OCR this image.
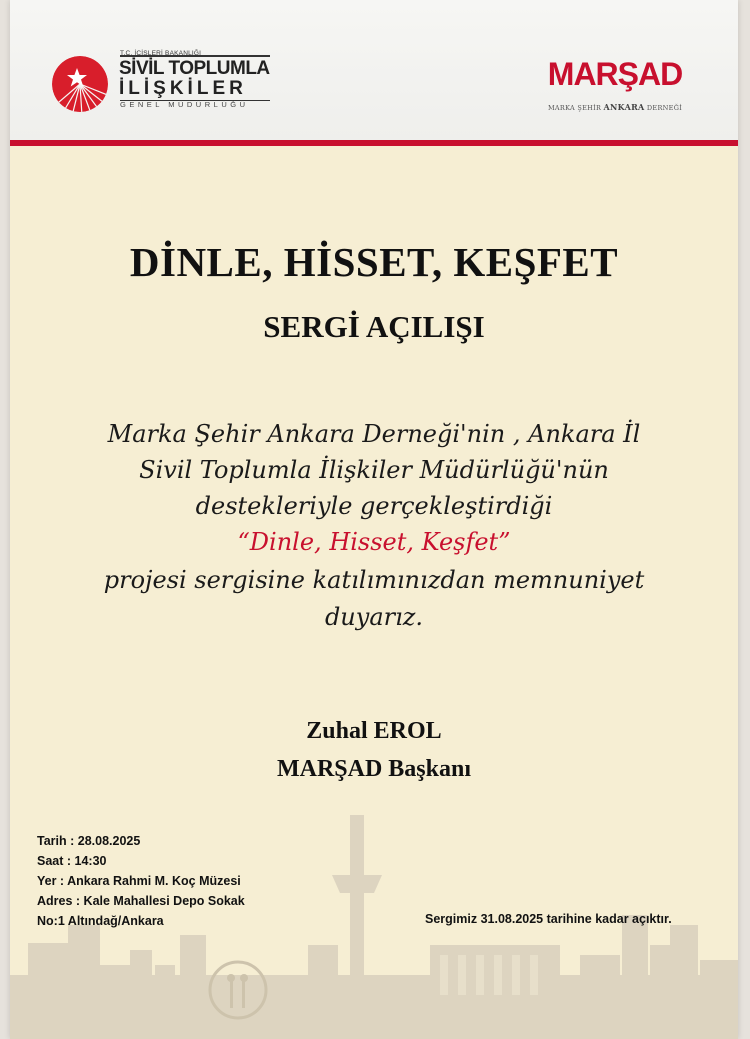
T.C. İÇİŞLERİ BAKANLIĞI
SİVİL TOPLUMLA
İLİŞKİLER
GENEL MÜDÜRLÜĞÜ
MARŞAD
MARKA ŞEHİR ANKARA DERNEĞİ
DİNLE, HİSSET, KEŞFET
SERGİ AÇILIŞI
Marka Şehir Ankara Derneği'nin , Ankara İl
Sivil Toplumla İlişkiler Müdürlüğü'nün
destekleriyle gerçekleştirdiği
“Dinle, Hisset, Keşfet”
projesi sergisine katılımınızdan memnuniyet
duyarız.
Zuhal EROL
MARŞAD Başkanı
Tarih : 28.08.2025
Saat : 14:30
Yer : Ankara Rahmi M. Koç Müzesi
Adres : Kale Mahallesi Depo Sokak
No:1 Altındağ/Ankara	Sergimiz 31.08.2025 tarihine kadar açıktır.
